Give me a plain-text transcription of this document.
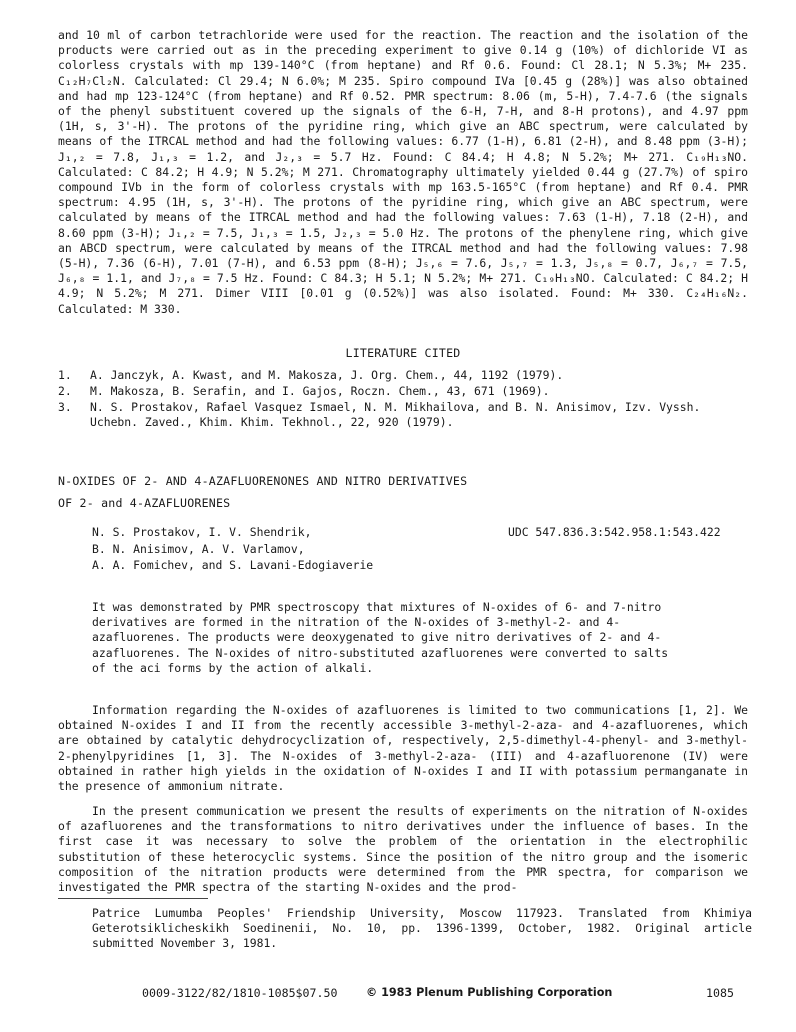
and 10 ml of carbon tetrachloride were used for the reaction. The reaction and the isolation of the products were carried out as in the preceding experiment to give 0.14 g (10%) of dichloride VI as colorless crystals with mp 139-140°C (from heptane) and Rf 0.6. Found: Cl 28.1; N 5.3%; M+ 235. C₁₂H₇Cl₂N. Calculated: Cl 29.4; N 6.0%; M 235. Spiro compound IVa [0.45 g (28%)] was also obtained and had mp 123-124°C (from heptane) and Rf 0.52. PMR spectrum: 8.06 (m, 5-H), 7.4-7.6 (the signals of the phenyl substituent covered up the signals of the 6-H, 7-H, and 8-H protons), and 4.97 ppm (1H, s, 3'-H). The protons of the pyridine ring, which give an ABC spectrum, were calculated by means of the ITRCAL method and had the following values: 6.77 (1-H), 6.81 (2-H), and 8.48 ppm (3-H); J₁,₂ = 7.8, J₁,₃ = 1.2, and J₂,₃ = 5.7 Hz. Found: C 84.4; H 4.8; N 5.2%; M+ 271. C₁₉H₁₃NO. Calculated: C 84.2; H 4.9; N 5.2%; M 271. Chromatography ultimately yielded 0.44 g (27.7%) of spiro compound IVb in the form of colorless crystals with mp 163.5-165°C (from heptane) and Rf 0.4. PMR spectrum: 4.95 (1H, s, 3'-H). The protons of the pyridine ring, which give an ABC spectrum, were calculated by means of the ITRCAL method and had the following values: 7.63 (1-H), 7.18 (2-H), and 8.60 ppm (3-H); J₁,₂ = 7.5, J₁,₃ = 1.5, J₂,₃ = 5.0 Hz. The protons of the phenylene ring, which give an ABCD spectrum, were calculated by means of the ITRCAL method and had the following values: 7.98 (5-H), 7.36 (6-H), 7.01 (7-H), and 6.53 ppm (8-H); J₅,₆ = 7.6, J₅,₇ = 1.3, J₅,₈ = 0.7, J₆,₇ = 7.5, J₆,₈ = 1.1, and J₇,₈ = 7.5 Hz. Found: C 84.3; H 5.1; N 5.2%; M+ 271. C₁₉H₁₃NO. Calculated: C 84.2; H 4.9; N 5.2%; M 271. Dimer VIII [0.01 g (0.52%)] was also isolated. Found: M+ 330. C₂₄H₁₆N₂. Calculated: M 330.

LITERATURE CITED

1. A. Janczyk, A. Kwast, and M. Makosza, J. Org. Chem., 44, 1192 (1979).
2. M. Makosza, B. Serafin, and I. Gajos, Roczn. Chem., 43, 671 (1969).
3. N. S. Prostakov, Rafael Vasquez Ismael, N. M. Mikhailova, and B. N. Anisimov, Izv. Vyssh. Uchebn. Zaved., Khim. Khim. Tekhnol., 22, 920 (1979).

N-OXIDES OF 2- AND 4-AZAFLUORENONES AND NITRO DERIVATIVES

OF 2- and 4-AZAFLUORENES

N. S. Prostakov, I. V. Shendrik,

B. N. Anisimov, A. V. Varlamov,

A. A. Fomichev, and S. Lavani-Edogiaverie

UDC 547.836.3:542.958.1:543.422

It was demonstrated by PMR spectroscopy that mixtures of N-oxides of 6- and 7-nitro derivatives are formed in the nitration of the N-oxides of 3-methyl-2- and 4-azafluorenes. The products were deoxygenated to give nitro derivatives of 2- and 4-azafluorenes. The N-oxides of nitro-substituted azafluorenes were converted to salts of the aci forms by the action of alkali.

Information regarding the N-oxides of azafluorenes is limited to two communications [1, 2]. We obtained N-oxides I and II from the recently accessible 3-methyl-2-aza- and 4-azafluorenes, which are obtained by catalytic dehydrocyclization of, respectively, 2,5-dimethyl-4-phenyl- and 3-methyl-2-phenylpyridines [1, 3]. The N-oxides of 3-methyl-2-aza- (III) and 4-azafluorenone (IV) were obtained in rather high yields in the oxidation of N-oxides I and II with potassium permanganate in the presence of ammonium nitrate.

In the present communication we present the results of experiments on the nitration of N-oxides of azafluorenes and the transformations to nitro derivatives under the influence of bases. In the first case it was necessary to solve the problem of the orientation in the electrophilic substitution of these heterocyclic systems. Since the position of the nitro group and the isomeric composition of the nitration products were determined from the PMR spectra, for comparison we investigated the PMR spectra of the starting N-oxides and the prod-

Patrice Lumumba Peoples' Friendship University, Moscow 117923. Translated from Khimiya Geterotsiklicheskikh Soedinenii, No. 10, pp. 1396-1399, October, 1982. Original article submitted November 3, 1981.

0009-3122/82/1810-1085$07.50	© 1983 Plenum Publishing Corporation	1085
